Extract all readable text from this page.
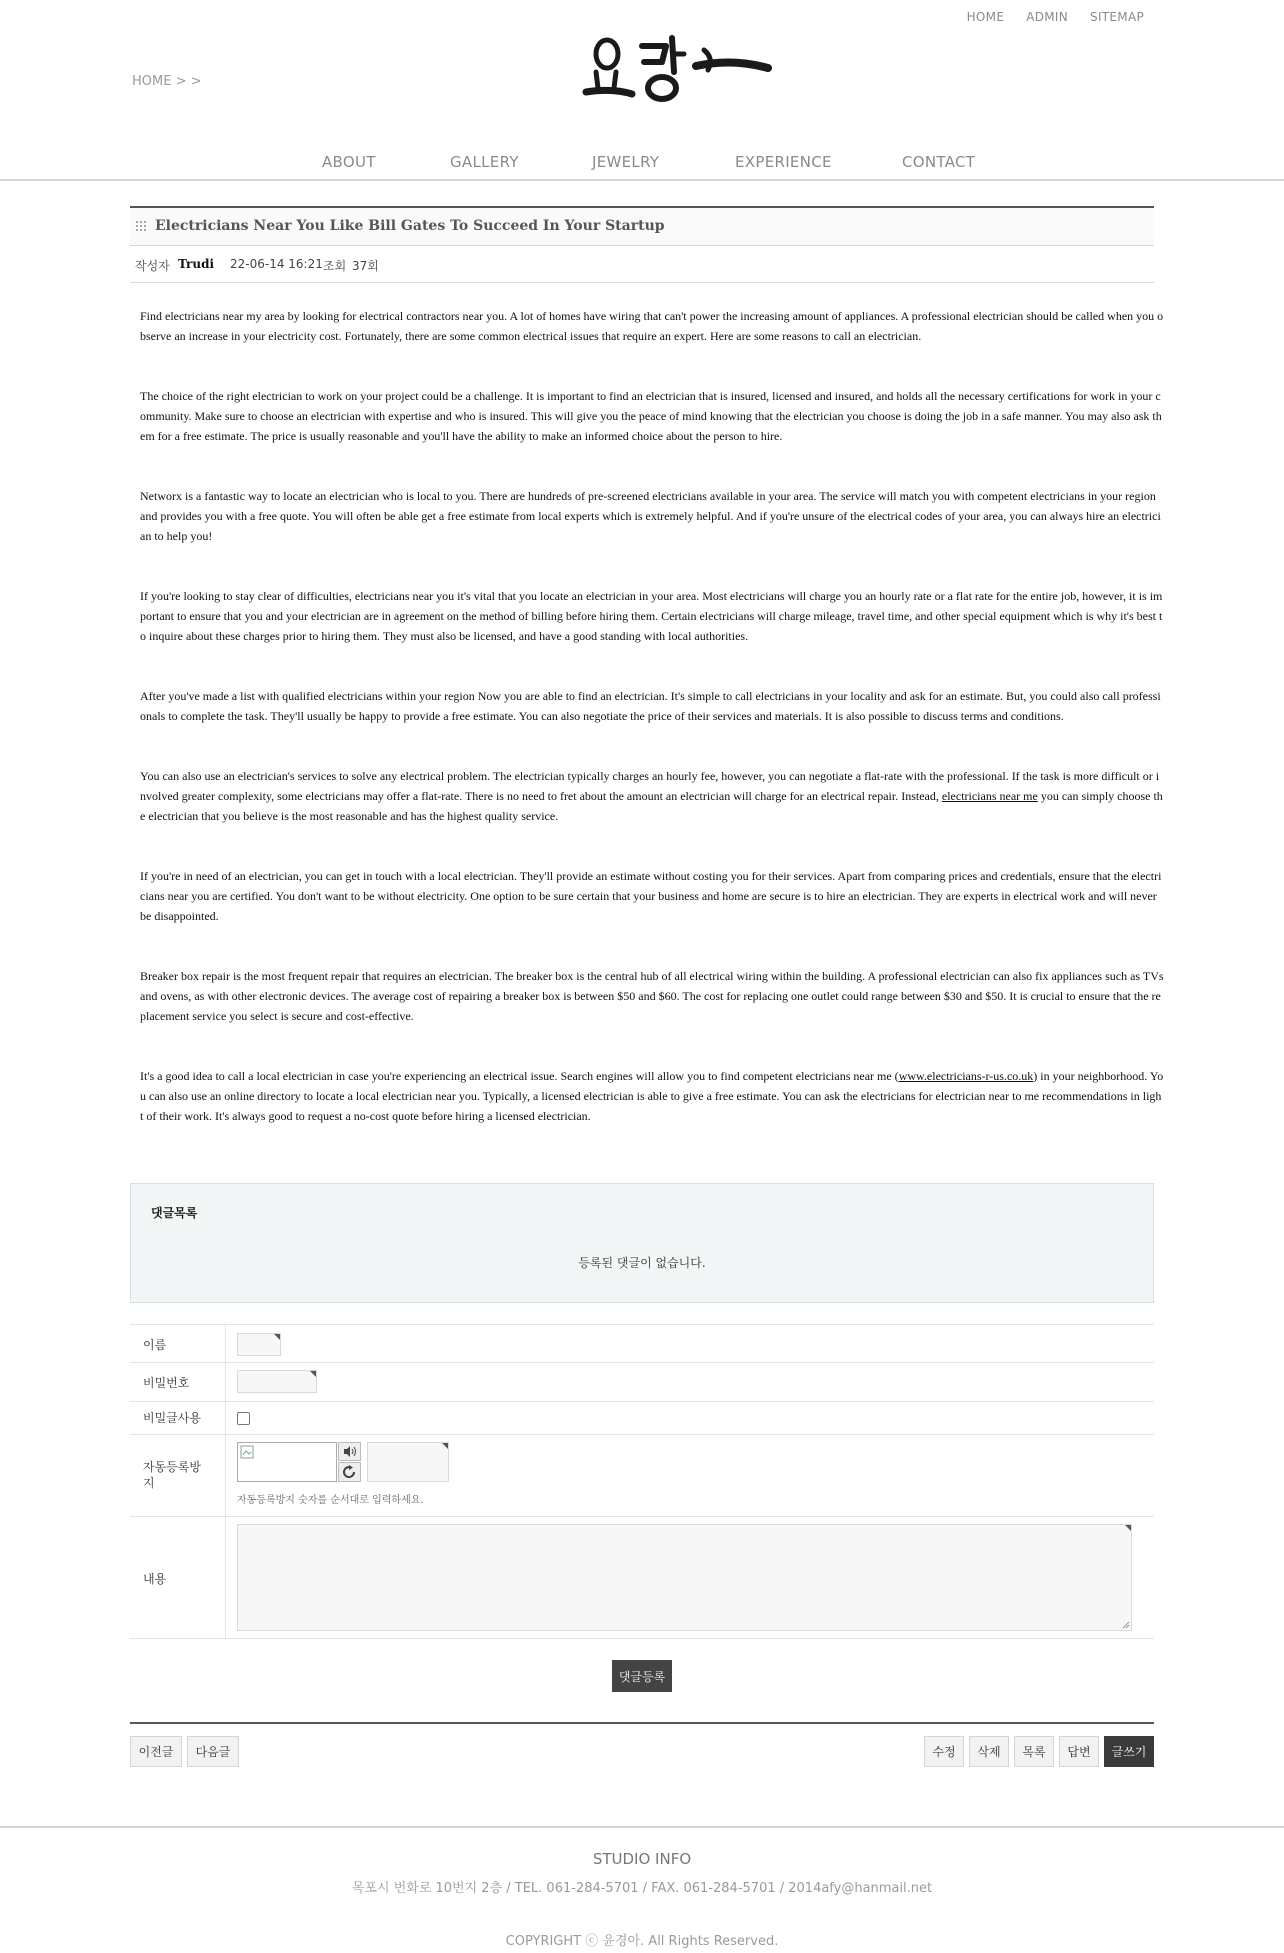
HOME ADMIN SITEMAP
HOME > >
ABOUT	GALLERY	JEWELRY	EXPERIENCE	CONTACT
Electricians Near You Like Bill Gates To Succeed In Your Startup
작성자 Trudi 22-06-14 16:21 조회 37회

Find electricians near my area by looking for electrical contractors near you. A lot of homes have wiring that can't power the increasing amount of appliances. A professional electrician should be called when you observe an increase in your electricity cost. Fortunately, there are some common electrical issues that require an expert. Here are some reasons to call an electrician.

The choice of the right electrician to work on your project could be a challenge. It is important to find an electrician that is insured, licensed and insured, and holds all the necessary certifications for work in your community. Make sure to choose an electrician with expertise and who is insured. This will give you the peace of mind knowing that the electrician you choose is doing the job in a safe manner. You may also ask them for a free estimate. The price is usually reasonable and you'll have the ability to make an informed choice about the person to hire.

Networx is a fantastic way to locate an electrician who is local to you. There are hundreds of pre-screened electricians available in your area. The service will match you with competent electricians in your region and provides you with a free quote. You will often be able get a free estimate from local experts which is extremely helpful. And if you're unsure of the electrical codes of your area, you can always hire an electrician to help you!

If you're looking to stay clear of difficulties, electricians near you it's vital that you locate an electrician in your area. Most electricians will charge you an hourly rate or a flat rate for the entire job, however, it is important to ensure that you and your electrician are in agreement on the method of billing before hiring them. Certain electricians will charge mileage, travel time, and other special equipment which is why it's best to inquire about these charges prior to hiring them. They must also be licensed, and have a good standing with local authorities.

After you've made a list with qualified electricians within your region Now you are able to find an electrician. It's simple to call electricians in your locality and ask for an estimate. But, you could also call professionals to complete the task. They'll usually be happy to provide a free estimate. You can also negotiate the price of their services and materials. It is also possible to discuss terms and conditions.

You can also use an electrician's services to solve any electrical problem. The electrician typically charges an hourly fee, however, you can negotiate a flat-rate with the professional. If the task is more difficult or involved greater complexity, some electricians may offer a flat-rate. There is no need to fret about the amount an electrician will charge for an electrical repair. Instead, electricians near me you can simply choose the electrician that you believe is the most reasonable and has the highest quality service.

If you're in need of an electrician, you can get in touch with a local electrician. They'll provide an estimate without costing you for their services. Apart from comparing prices and credentials, ensure that the electricians near you are certified. You don't want to be without electricity. One option to be sure certain that your business and home are secure is to hire an electrician. They are experts in electrical work and will never be disappointed.

Breaker box repair is the most frequent repair that requires an electrician. The breaker box is the central hub of all electrical wiring within the building. A professional electrician can also fix appliances such as TVs and ovens, as with other electronic devices. The average cost of repairing a breaker box is between $50 and $60. The cost for replacing one outlet could range between $30 and $50. It is crucial to ensure that the replacement service you select is secure and cost-effective.

It's a good idea to call a local electrician in case you're experiencing an electrical issue. Search engines will allow you to find competent electricians near me (www.electricians-r-us.co.uk) in your neighborhood. You can also use an online directory to locate a local electrician near you. Typically, a licensed electrician is able to give a free estimate. You can ask the electricians for electrician near to me recommendations in light of their work. It's always good to request a no-cost quote before hiring a licensed electrician.

댓글목록
등록된 댓글이 없습니다.
이름
비밀번호
비밀글사용
자동등록방지
자동등록방지 숫자를 순서대로 입력하세요.
내용
댓글등록
이전글	다음글	수정	삭제	목록	답변	글쓰기
STUDIO INFO
목포시 번화로 10번지 2층 / TEL. 061-284-5701 / FAX. 061-284-5701 / 2014afy@hanmail.net
COPYRIGHT ⓒ 윤경아. All Rights Reserved.
